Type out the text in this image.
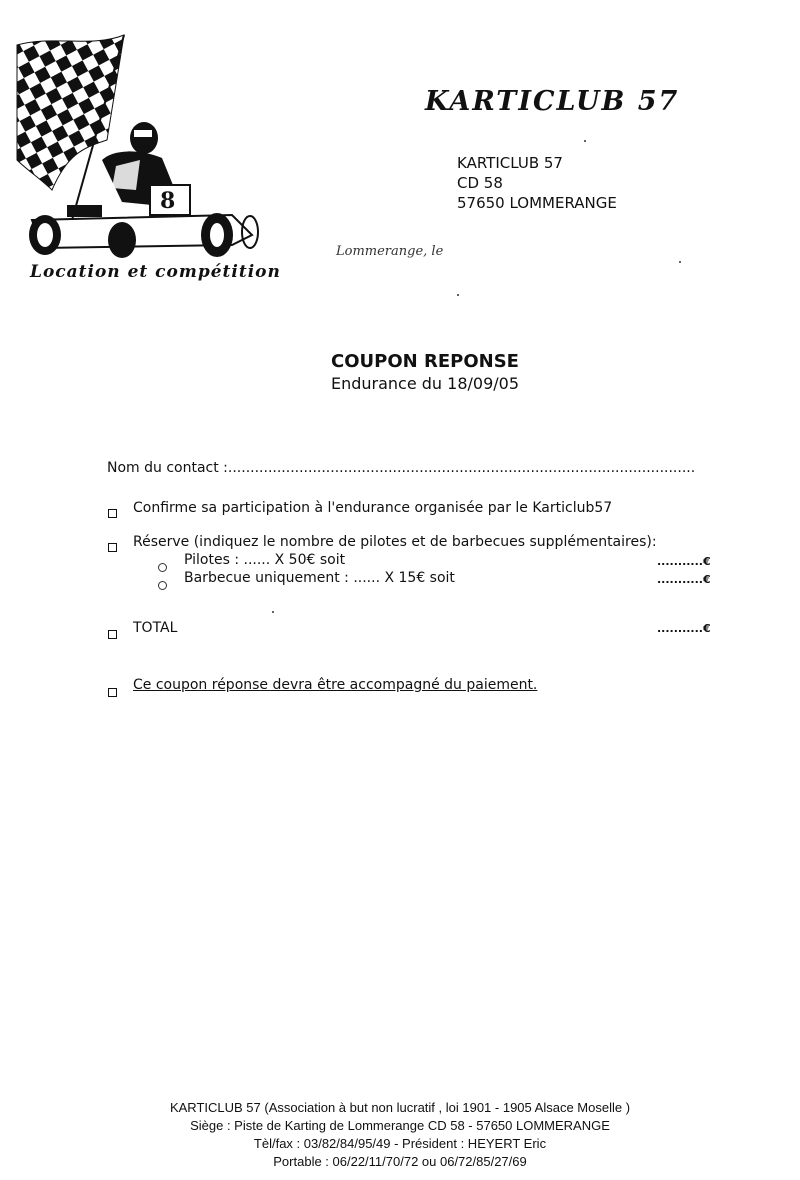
8
Location et compétition
KARTICLUB 57
KARTICLUB 57
CD 58
57650 LOMMERANGE
Lommerange, le
COUPON REPONSE
Endurance du 18/09/05
Nom du contact :.........................................................................................................
Confirme sa participation à l'endurance organisée par le Karticlub57
Réserve (indiquez le nombre de pilotes et de barbecues supplémentaires):
Pilotes : ...... X 50€ soit	...........€
Barbecue uniquement : ...... X 15€ soit	...........€
TOTAL	...........€
Ce coupon réponse devra être accompagné du paiement.
KARTICLUB 57 (Association à but non lucratif , loi 1901 - 1905 Alsace Moselle )
Siège : Piste de Karting de Lommerange CD 58 - 57650 LOMMERANGE
Tèl/fax : 03/82/84/95/49 - Président : HEYERT Eric
Portable : 06/22/11/70/72 ou 06/72/85/27/69
